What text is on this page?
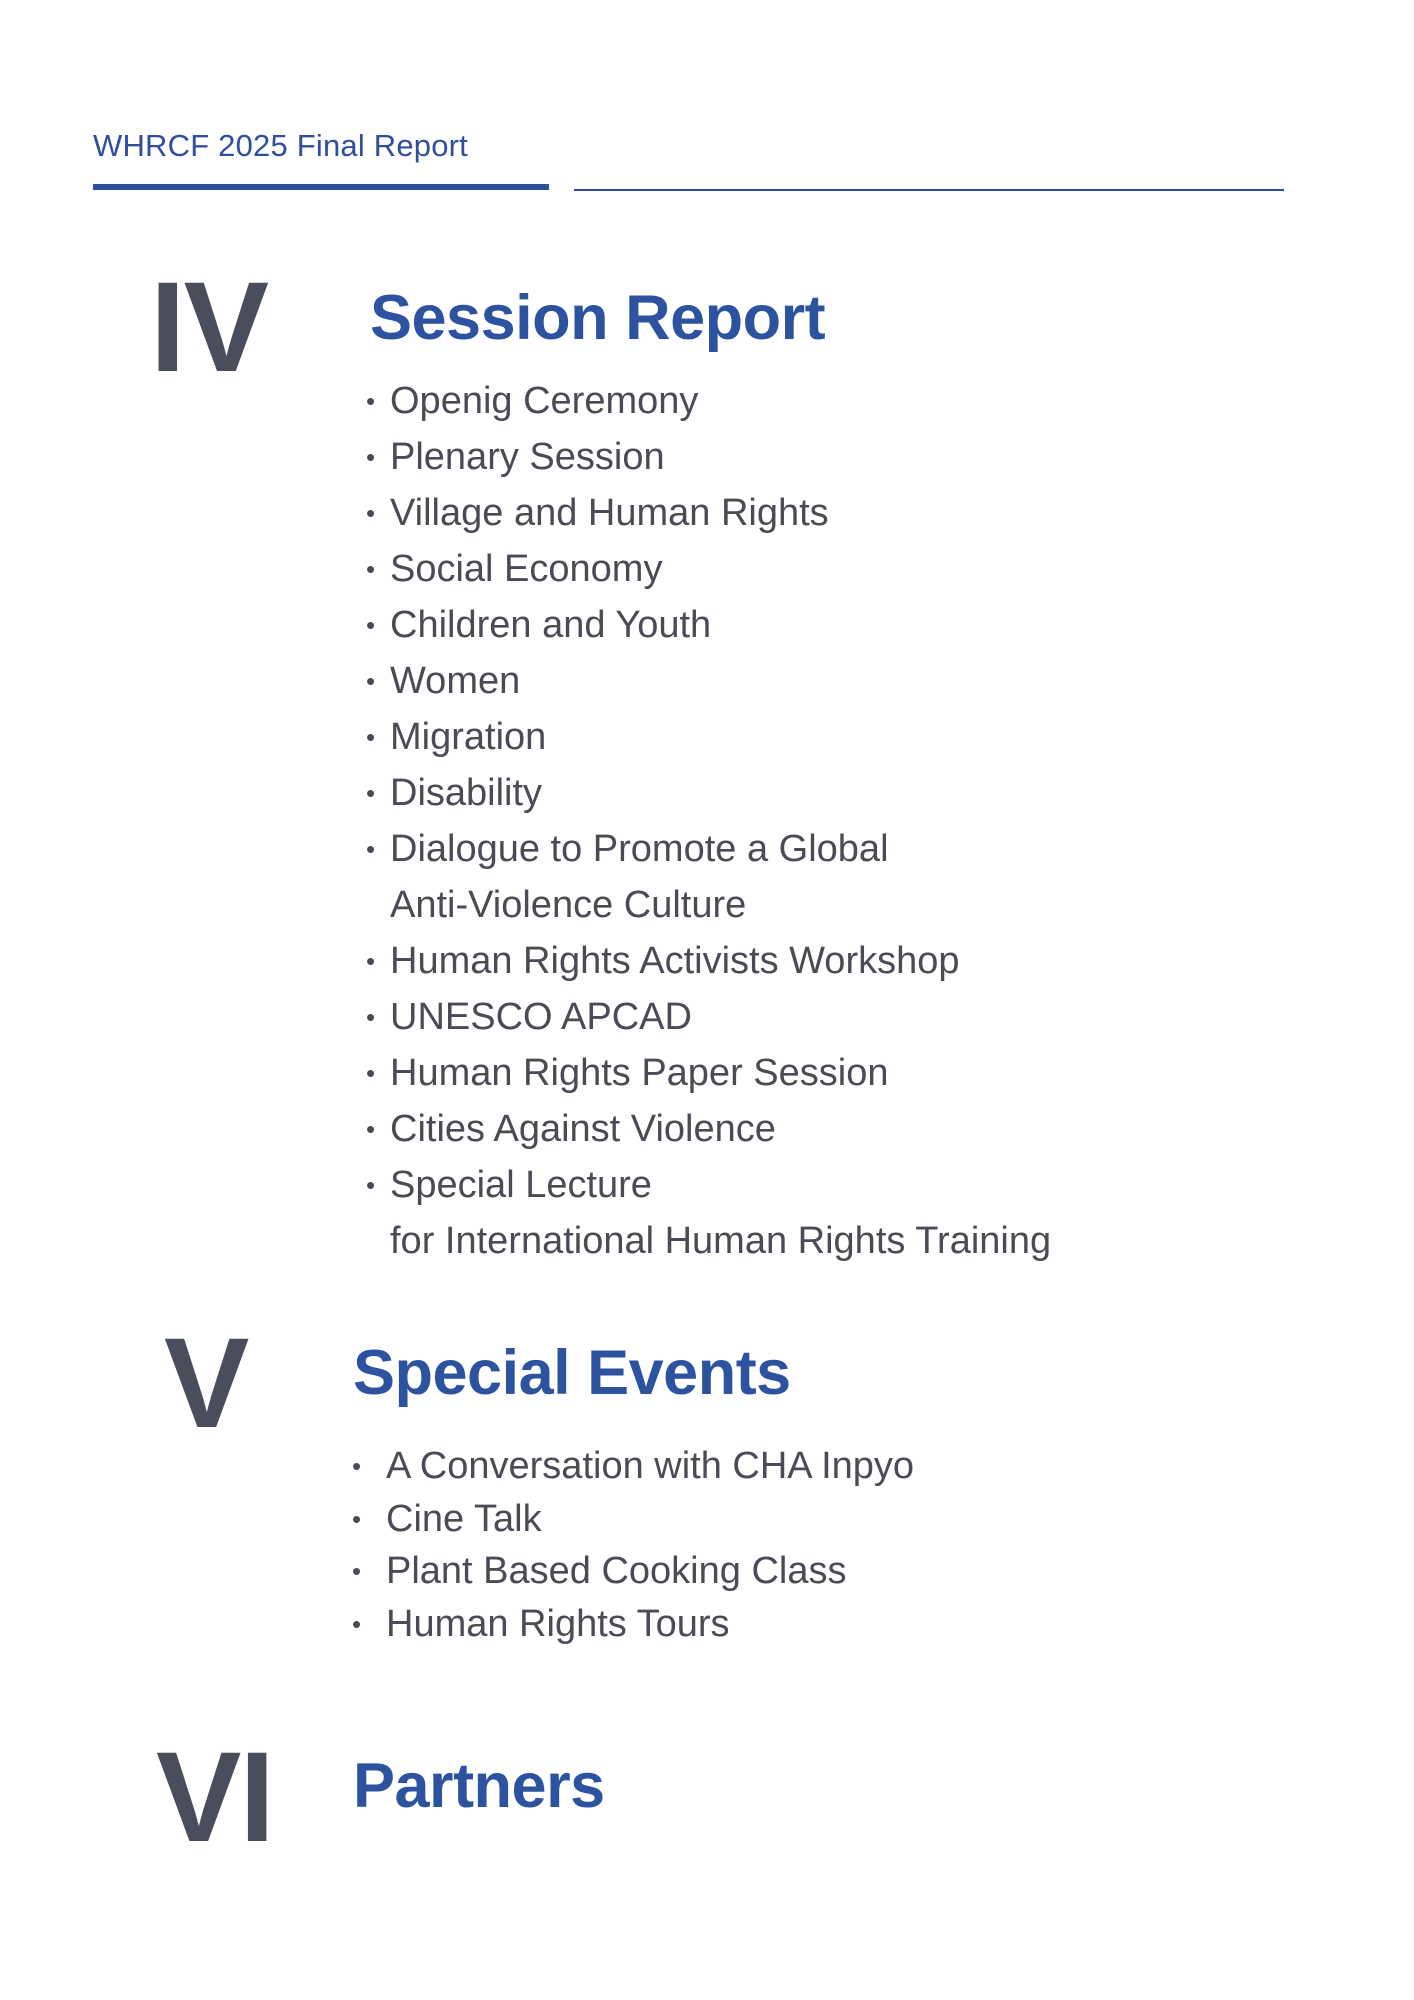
WHRCF 2025 Final Report
IV Session Report
• Openig Ceremony
• Plenary Session
• Village and Human Rights
• Social Economy
• Children and Youth
• Women
• Migration
• Disability
• Dialogue to Promote a Global
Anti-Violence Culture
• Human Rights Activists Workshop
• UNESCO APCAD
• Human Rights Paper Session
• Cities Against Violence
• Special Lecture
for International Human Rights Training
V Special Events
• A Conversation with CHA Inpyo
• Cine Talk
• Plant Based Cooking Class
• Human Rights Tours
VI Partners
